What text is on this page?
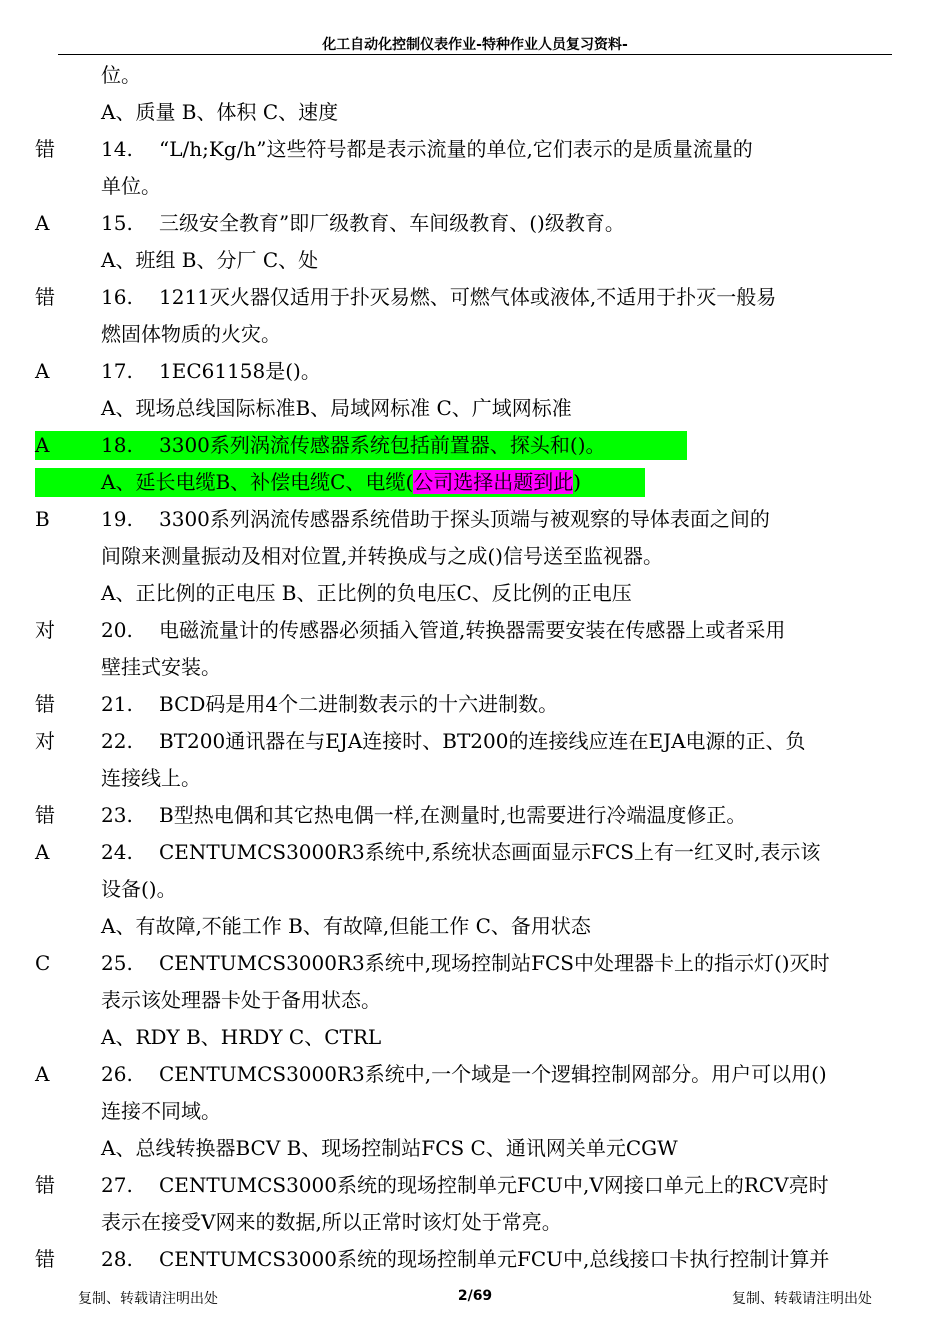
化工自动化控制仪表作业-特种作业人员复习资料-
位。
A、质量 B、体积 C、速度
错 14. “L/h;Kg/h”这些符号都是表示流量的单位,它们表示的是质量流量的
单位。
A	15. 三级安全教育”即厂级教育、车间级教育、()级教育。
A、班组 B、分厂 C、处
错 16. 1211灭火器仅适用于扑灭易燃、可燃气体或液体,不适用于扑灭一般易
燃固体物质的火灾。
A	17. 1EC61158是()。
A、现场总线国际标准B、局域网标准 C、广域网标准
A	18. 3300系列涡流传感器系统包括前置器、探头和()。
A、延长电缆B、补偿电缆C、电缆(公司选择出题到此)
B	19. 3300系列涡流传感器系统借助于探头顶端与被观察的导体表面之间的
间隙来测量振动及相对位置,并转换成与之成()信号送至监视器。
A、正比例的正电压 B、正比例的负电压C、反比例的正电压
对 20. 电磁流量计的传感器必须插入管道,转换器需要安装在传感器上或者采用
壁挂式安装。
错 21. BCD码是用4个二进制数表示的十六进制数。
对 22. BT200通讯器在与EJA连接时、BT200的连接线应连在EJA电源的正、负
连接线上。
错 23. B型热电偶和其它热电偶一样,在测量时,也需要进行冷端温度修正。
A	24. CENTUMCS3000R3系统中,系统状态画面显示FCS上有一红叉时,表示该
设备()。
A、有故障,不能工作 B、有故障,但能工作 C、备用状态
C	25. CENTUMCS3000R3系统中,现场控制站FCS中处理器卡上的指示灯()灭时
表示该处理器卡处于备用状态。
A、RDY B、HRDY C、CTRL
A	26. CENTUMCS3000R3系统中,一个域是一个逻辑控制网部分。用户可以用()
连接不同域。
A、总线转换器BCV B、现场控制站FCS C、通讯网关单元CGW
错 27. CENTUMCS3000系统的现场控制单元FCU中,V网接口单元上的RCV亮时
表示在接受V网来的数据,所以正常时该灯处于常亮。
错 28. CENTUMCS3000系统的现场控制单元FCU中,总线接口卡执行控制计算并
复制、转载请注明出处	2/69	复制、转载请注明出处
